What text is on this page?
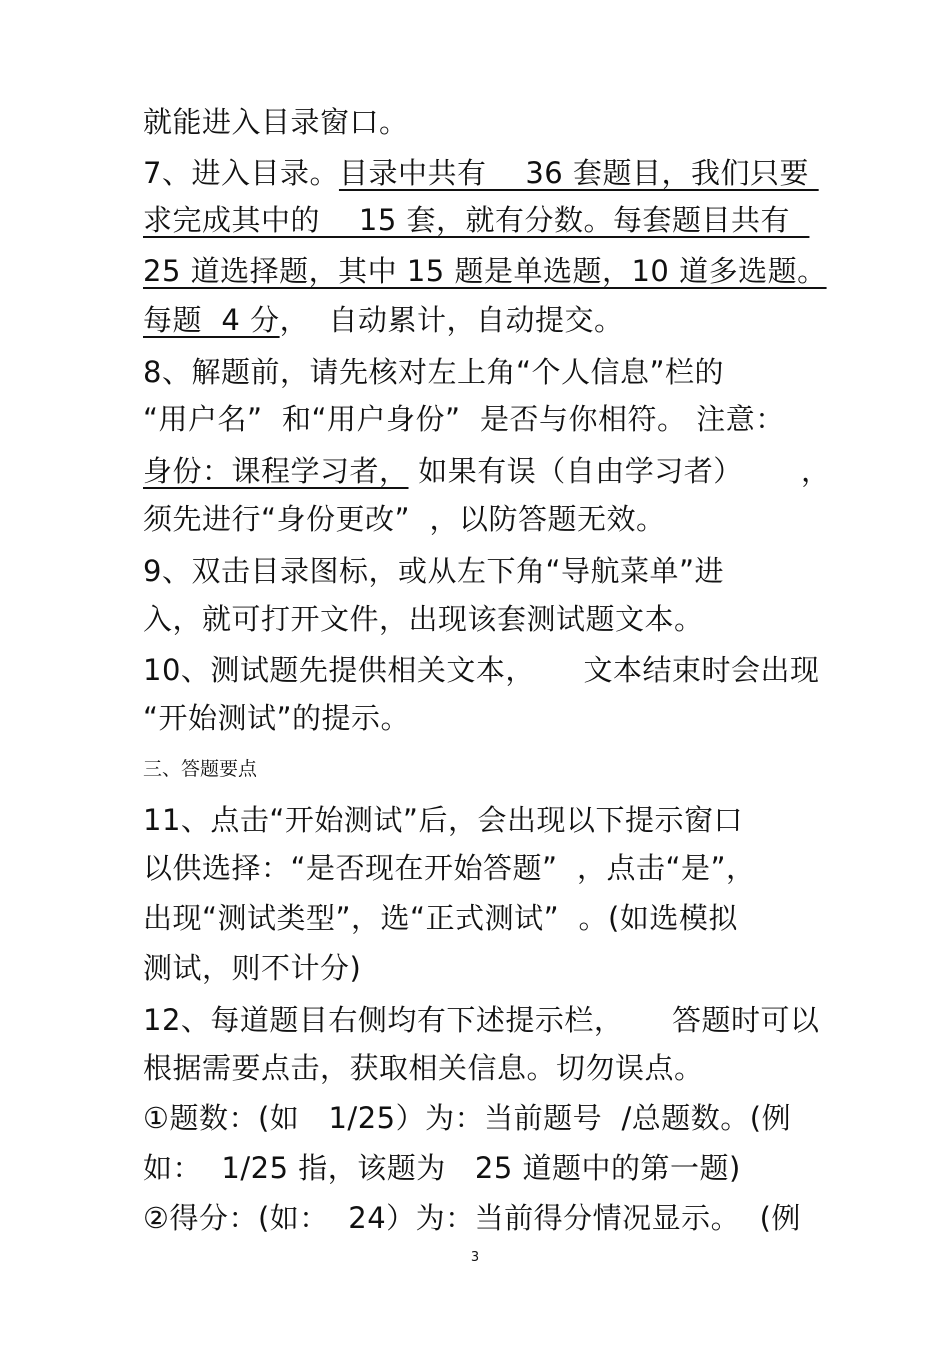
就能进入目录窗口。
7、进入目录。目录中共有    36 套题目，我们只要
求完成其中的    15 套，就有分数。每套题目共有
25 道选择题，其中 15 题是单选题，10 道多选题。
每题  4 分，  自动累计，自动提交。
8、解题前，请先核对左上角“个人信息”栏的
“用户名”  和“用户身份”  是否与你相符。 注意：
身份：课程学习者， 如果有误（自由学习者）      ，
须先进行“身份更改”  ，以防答题无效。
9、双击目录图标，或从左下角“导航菜单”进
入，就可打开文件，出现该套测试题文本。
10、测试题先提供相关文本，     文本结束时会出现
“开始测试”的提示。
11、点击“开始测试”后，会出现以下提示窗口
以供选择：“是否现在开始答题”  ，点击“是”，
出现“测试类型”，选“正式测试”  。(如选模拟
测试，则不计分)
12、每道题目右侧均有下述提示栏，     答题时可以
根据需要点击，获取相关信息。切勿误点。
①题数：(如   1/25）为：当前题号  /总题数。(例
如：  1/25 指，该题为   25 道题中的第一题)
②得分：(如：  24）为：当前得分情况显示。  (例
三、答题要点
3
